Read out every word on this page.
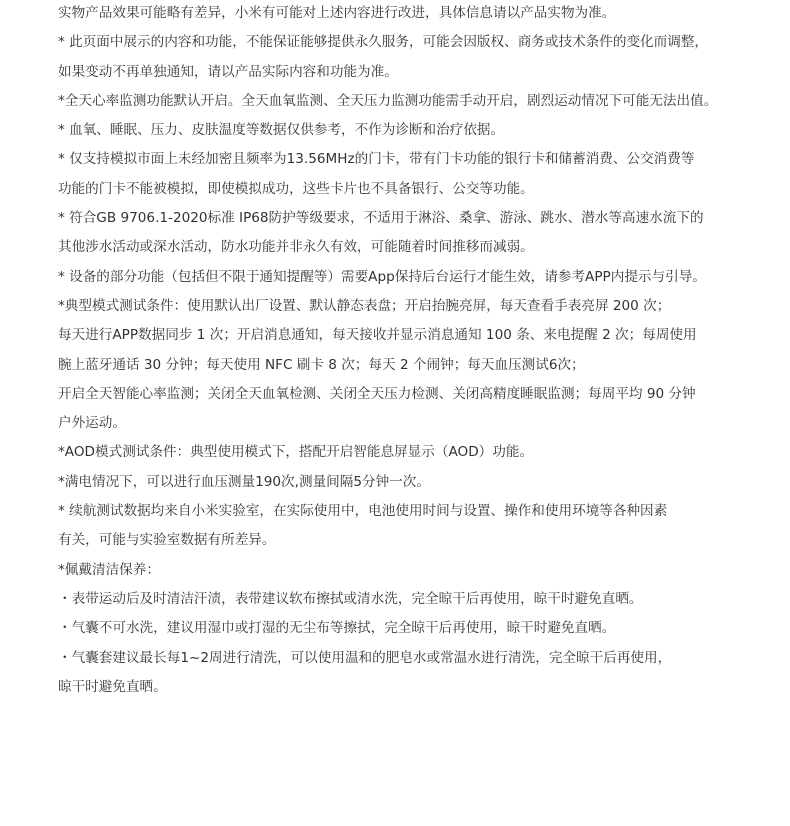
实物产品效果可能略有差异，小米有可能对上述内容进行改进，具体信息请以产品实物为准。
* 此页面中展示的内容和功能，不能保证能够提供永久服务，可能会因版权、商务或技术条件的变化而调整，
如果变动不再单独通知，请以产品实际内容和功能为准。
*全天心率监测功能默认开启。全天血氧监测、全天压力监测功能需手动开启，剧烈运动情况下可能无法出值。
* 血氧、睡眠、压力、皮肤温度等数据仅供参考，不作为诊断和治疗依据。
* 仅支持模拟市面上未经加密且频率为13.56MHz的门卡，带有门卡功能的银行卡和储蓄消费、公交消费等
功能的门卡不能被模拟，即使模拟成功，这些卡片也不具备银行、公交等功能。
* 符合GB 9706.1-2020标准 IP68防护等级要求，不适用于淋浴、桑拿、游泳、跳水、潜水等高速水流下的
其他涉水活动或深水活动，防水功能并非永久有效，可能随着时间推移而减弱。
* 设备的部分功能（包括但不限于通知提醒等）需要App保持后台运行才能生效，请参考APP内提示与引导。
*典型模式测试条件：使用默认出厂设置、默认静态表盘；开启抬腕亮屏，每天查看手表亮屏 200 次；
每天进行APP数据同步 1 次；开启消息通知，每天接收并显示消息通知 100 条、来电提醒 2 次；每周使用
腕上蓝牙通话 30 分钟；每天使用 NFC 刷卡 8 次；每天 2 个闹钟；每天血压测试6次；
开启全天智能心率监测；关闭全天血氧检测、关闭全天压力检测、关闭高精度睡眠监测；每周平均 90 分钟
户外运动。
*AOD模式测试条件：典型使用模式下，搭配开启智能息屏显示（AOD）功能。
*满电情况下，可以进行血压测量190次,测量间隔5分钟一次。
* 续航测试数据均来自小米实验室，在实际使用中，电池使用时间与设置、操作和使用环境等各种因素
有关，可能与实验室数据有所差异。
*佩戴清洁保养：
・表带运动后及时清洁汗渍，表带建议软布擦拭或清水洗，完全晾干后再使用，晾干时避免直晒。
・气囊不可水洗，建议用湿巾或打湿的无尘布等擦拭，完全晾干后再使用，晾干时避免直晒。
・气囊套建议最长每1~2周进行清洗，可以使用温和的肥皂水或常温水进行清洗，完全晾干后再使用，
晾干时避免直晒。
